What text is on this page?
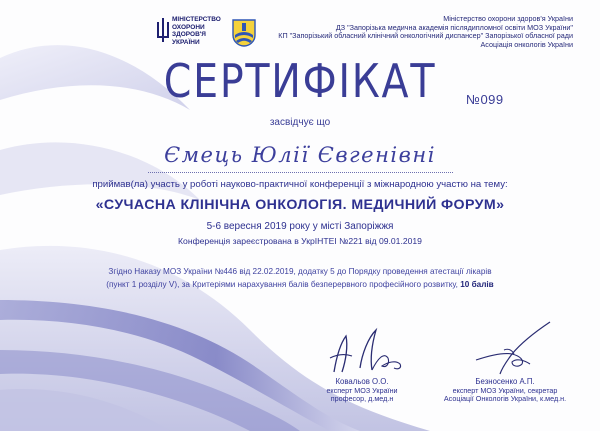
МІНІСТЕРСТВО
ОХОРОНИ
ЗДОРОВ'Я
УКРАЇНИ
Міністерство охорони здоров'я України
ДЗ "Запорізька медична академія післядипломної освіти МОЗ України"
КП "Запорізький обласний клінічний онкологічний диспансер" Запорізької обласної ради
Асоціація онкологів України
СЕРТИФІКАТ	№099
засвідчує що
Ємець Юлії Євгенівні
приймав(ла) участь у роботі науково-практичної конференції з міжнародною участю на тему:
«СУЧАСНА КЛІНІЧНА ОНКОЛОГІЯ. МЕДИЧНИЙ ФОРУМ»
5-6 вересня 2019 року у місті Запоріжжя
Конференція зареєстрована в УкрІНТЕІ №221 від 09.01.2019
Згідно Наказу МОЗ України №446 від 22.02.2019, додатку 5 до Порядку проведення атестації лікарів
(пункт 1 розділу V), за Критеріями нарахування балів безперервного професійного розвитку, 10 балів
Ковальов О.О.
експерт МОЗ України
професор, д.мед.н
Безносенко А.П.
експерт МОЗ України, секретар
Асоціації Онкологів України, к.мед.н.
